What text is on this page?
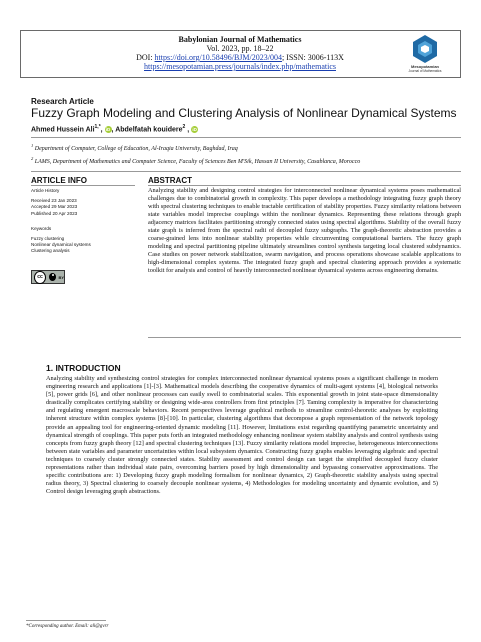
Babylonian Journal of Mathematics
Vol. 2023, pp. 18–22
DOI: https://doi.org/10.58496/BJM/2023/004; ISSN: 3006-113X
https://mesopotamian.press/journals/index.php/mathematics	Mesopotamian
Journal of Mathematics
Research Article
Fuzzy Graph Modeling and Clustering Analysis of Nonlinear Dynamical Systems
Ahmed Hussein Ali$^{1,*}$, iD, Abdelfatah kouidere$^2$ , iD
$^1$ Department of Computer, College of Education, Al-Iraqia University, Baghdad, Iraq
$^2$ LAMS, Department of Mathematics and Computer Science, Faculty of Sciences Ben M'Sik, Hassan II University, Casablanca, Morocco
ARTICLE INFO	ABSTRACT
Article History
Received 23 Jan 2023
Accepted 29 Mar 2023
Published 20 Apr 2023
Keywords
Fuzzy clustering
Nonlinear dynamical systems
Clustering analysis
cc	BY
Analyzing stability and designing control strategies for interconnected nonlinear dynamical systems poses mathematical challenges due to combinatorial growth in complexity. This paper develops a methodology integrating fuzzy graph theory with spectral clustering techniques to enable tractable certification of stability properties. Fuzzy similarity relations between state variables model imprecise couplings within the nonlinear dynamics. Representing these relations through graph adjacency matrices facilitates partitioning strongly connected states using spectral algorithms. Stability of the overall fuzzy state graph is inferred from the spectral radii of decoupled fuzzy subgraphs. The graph-theoretic abstraction provides a coarse-grained lens into nonlinear stability properties while circumventing computational barriers. The fuzzy graph modeling and spectral partitioning pipeline ultimately streamlines control synthesis targeting local clustered subdynamics. Case studies on power network stabilization, swarm navigation, and process operations showcase scalable applications to high-dimensional complex systems. The integrated fuzzy graph and spectral clustering approach provides a systematic toolkit for analysis and control of heavily interconnected nonlinear dynamical systems across engineering domains.
1. INTRODUCTION
Analyzing stability and synthesizing control strategies for complex interconnected nonlinear dynamical systems poses a significant challenge in modern engineering research and applications [1]-[3]. Mathematical models describing the cooperative dynamics of multi-agent systems [4], biological networks [5], power grids [6], and other nonlinear processes can easily swell to combinatorial scales. This exponential growth in joint state-space dimensionality drastically complicates certifying stability or designing wide-area controllers from first principles [7]. Taming complexity is imperative for characterizing and regulating emergent macroscale behaviors. Recent perspectives leverage graphical methods to streamline control-theoretic analyses by exploiting inherent structure within complex systems [8]-[10]. In particular, clustering algorithms that decompose a graph representation of the network topology provide an appealing tool for engineering-oriented dynamic modeling [11]. However, limitations exist regarding quantifying parametric uncertainty and dynamical strength of couplings. This paper puts forth an integrated methodology enhancing nonlinear system stability analysis and control synthesis using concepts from fuzzy graph theory [12] and spectral clustering techniques [13]. Fuzzy similarity relations model imprecise, heterogeneous interconnections between state variables and parameter uncertainties within local subsystem dynamics. Constructing fuzzy graphs enables leveraging algebraic and spectral techniques to coarsely cluster strongly connected states. Stability assessment and control design can target the simplified decoupled fuzzy cluster representations rather than individual state pairs, overcoming barriers posed by high dimensionality and bypassing conservative approximations. The specific contributions are: 1) Developing fuzzy graph modeling formalism for nonlinear dynamics, 2) Graph-theoretic stability analysis using spectral radius theory, 3) Spectral clustering to coarsely decouple nonlinear systems, 4) Methodologies for modeling uncertainty and dynamic evolution, and 5) Control design leveraging graph abstractions.
*Corresponding author. Email: ali@gvrr
